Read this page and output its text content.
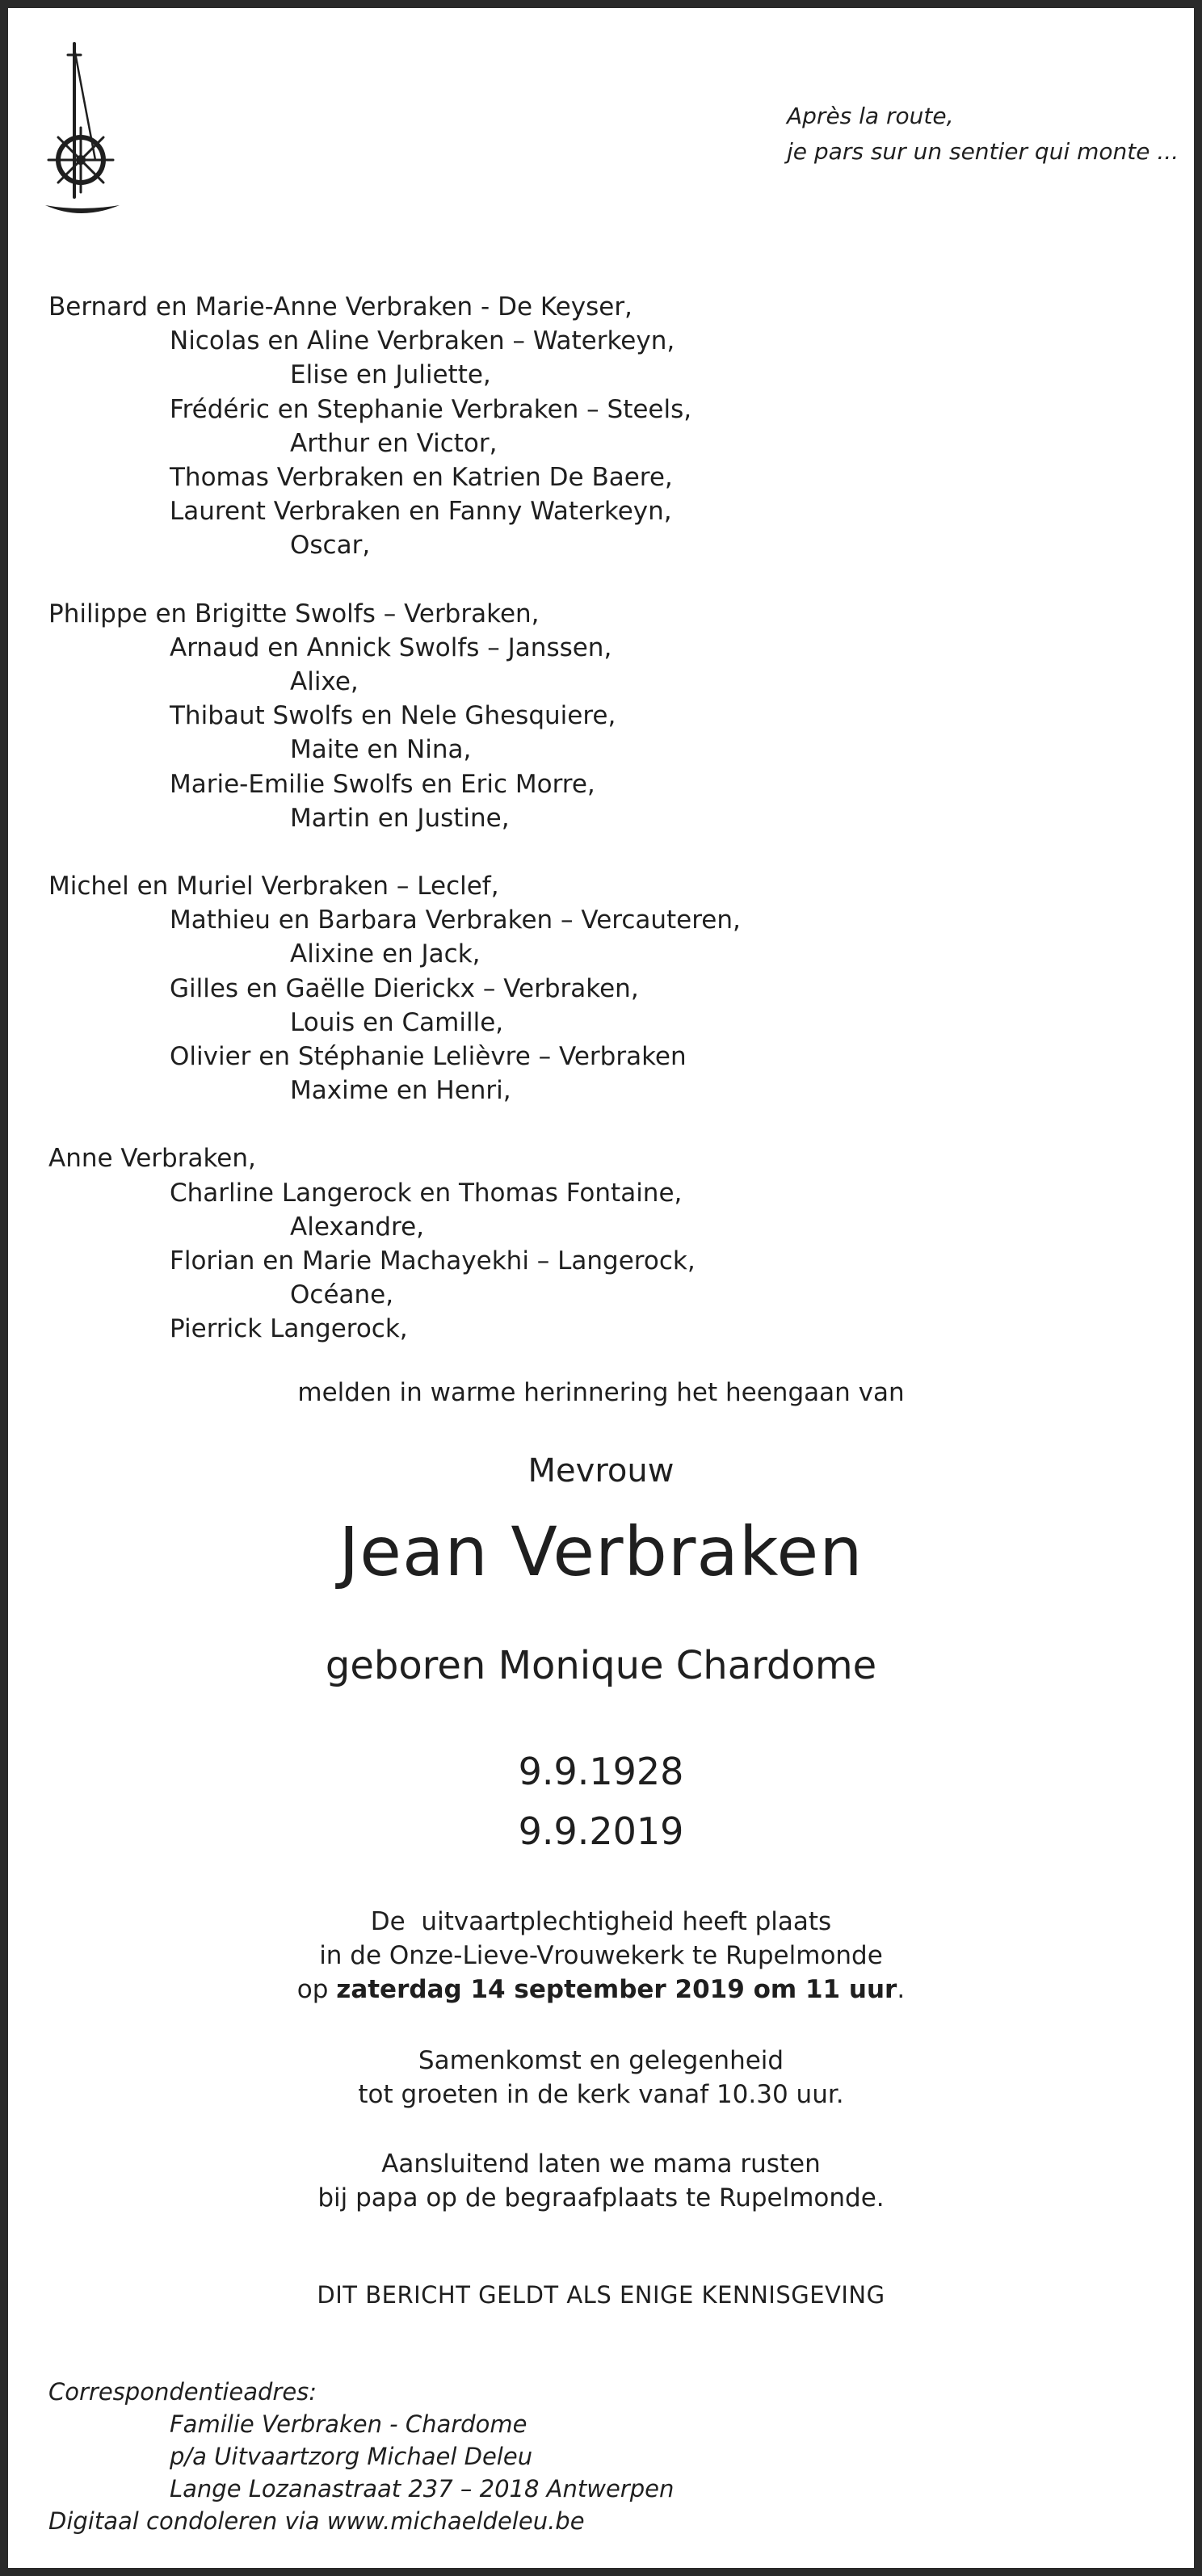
Après la route,
je pars sur un sentier qui monte ...
Bernard en Marie-Anne Verbraken - De Keyser,
Nicolas en Aline Verbraken – Waterkeyn,
Elise en Juliette,
Frédéric en Stephanie Verbraken – Steels,
Arthur en Victor,
Thomas Verbraken en Katrien De Baere,
Laurent Verbraken en Fanny Waterkeyn,
Oscar,
Philippe en Brigitte Swolfs – Verbraken,
Arnaud en Annick Swolfs – Janssen,
Alixe,
Thibaut Swolfs en Nele Ghesquiere,
Maite en Nina,
Marie-Emilie Swolfs en Eric Morre,
Martin en Justine,
Michel en Muriel Verbraken – Leclef,
Mathieu en Barbara Verbraken – Vercauteren,
Alixine en Jack,
Gilles en Gaëlle Dierickx – Verbraken,
Louis en Camille,
Olivier en Stéphanie Lelièvre – Verbraken
Maxime en Henri,
Anne Verbraken,
Charline Langerock en Thomas Fontaine,
Alexandre,
Florian en Marie Machayekhi – Langerock,
Océane,
Pierrick Langerock,
melden in warme herinnering het heengaan van
Mevrouw
Jean Verbraken
geboren Monique Chardome
9.9.1928
9.9.2019
De  uitvaartplechtigheid heeft plaats
in de Onze-Lieve-Vrouwekerk te Rupelmonde
op zaterdag 14 september 2019 om 11 uur.
Samenkomst en gelegenheid
tot groeten in de kerk vanaf 10.30 uur.
Aansluitend laten we mama rusten
bij papa op de begraafplaats te Rupelmonde.
DIT BERICHT GELDT ALS ENIGE KENNISGEVING
Correspondentieadres:
Familie Verbraken - Chardome
p/a Uitvaartzorg Michael Deleu
Lange Lozanastraat 237 – 2018 Antwerpen
Digitaal condoleren via www.michaeldeleu.be
